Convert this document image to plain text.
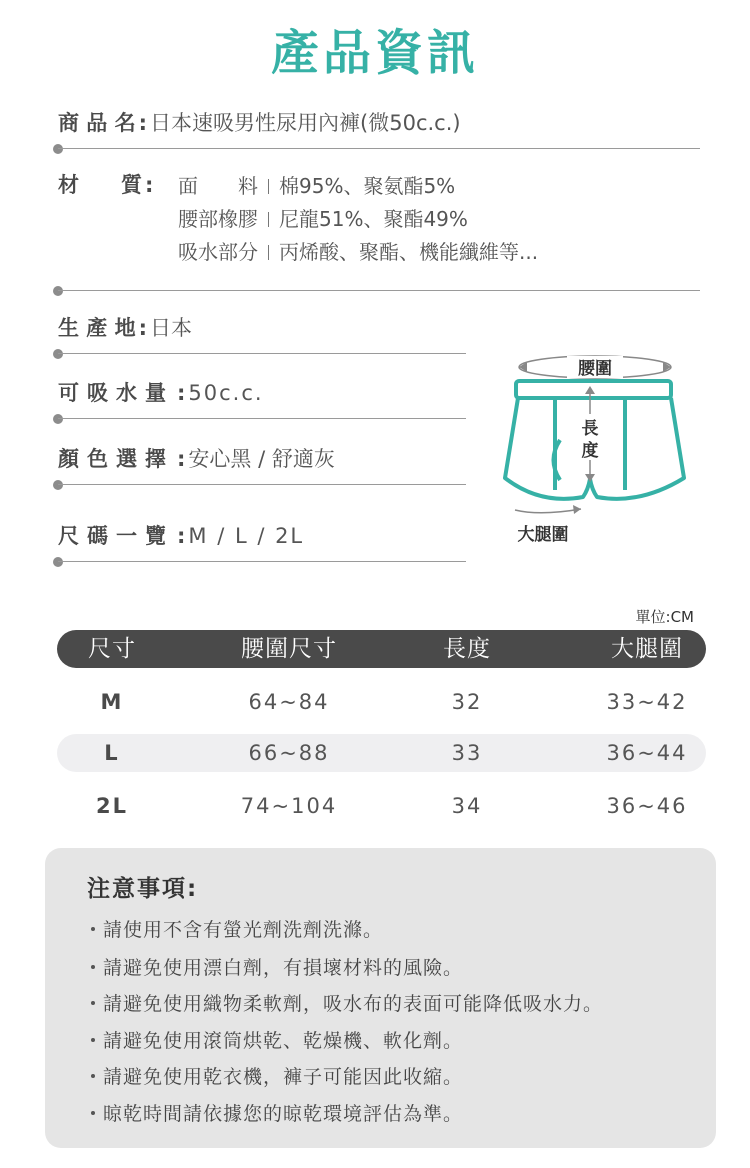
產品資訊
商 品 名 : 日本速吸男性尿用內褲(微50c.c.)
材　　質 : 面　　料 棉95%、聚氨酯5%
腰部橡膠 尼龍51%、聚酯49%
吸水部分 丙烯酸、聚酯、機能纖維等...
生 產 地 : 日本
可吸水量 : 50c.c.
顏色選擇 : 安心黑 / 舒適灰
尺碼一覽 : M / L / 2L
腰圍
長
度
大腿圍
單位:CM
尺寸	腰圍尺寸	長度	大腿圍
M	64~84	32	33~42
L	66~88	33	36~44
2L	74~104	34	36~46
注意事項:
請使用不含有螢光劑洗劑洗滌。
請避免使用漂白劑，有損壞材料的風險。
請避免使用織物柔軟劑，吸水布的表面可能降低吸水力。
請避免使用滾筒烘乾、乾燥機、軟化劑。
請避免使用乾衣機，褲子可能因此收縮。
晾乾時間請依據您的晾乾環境評估為準。
